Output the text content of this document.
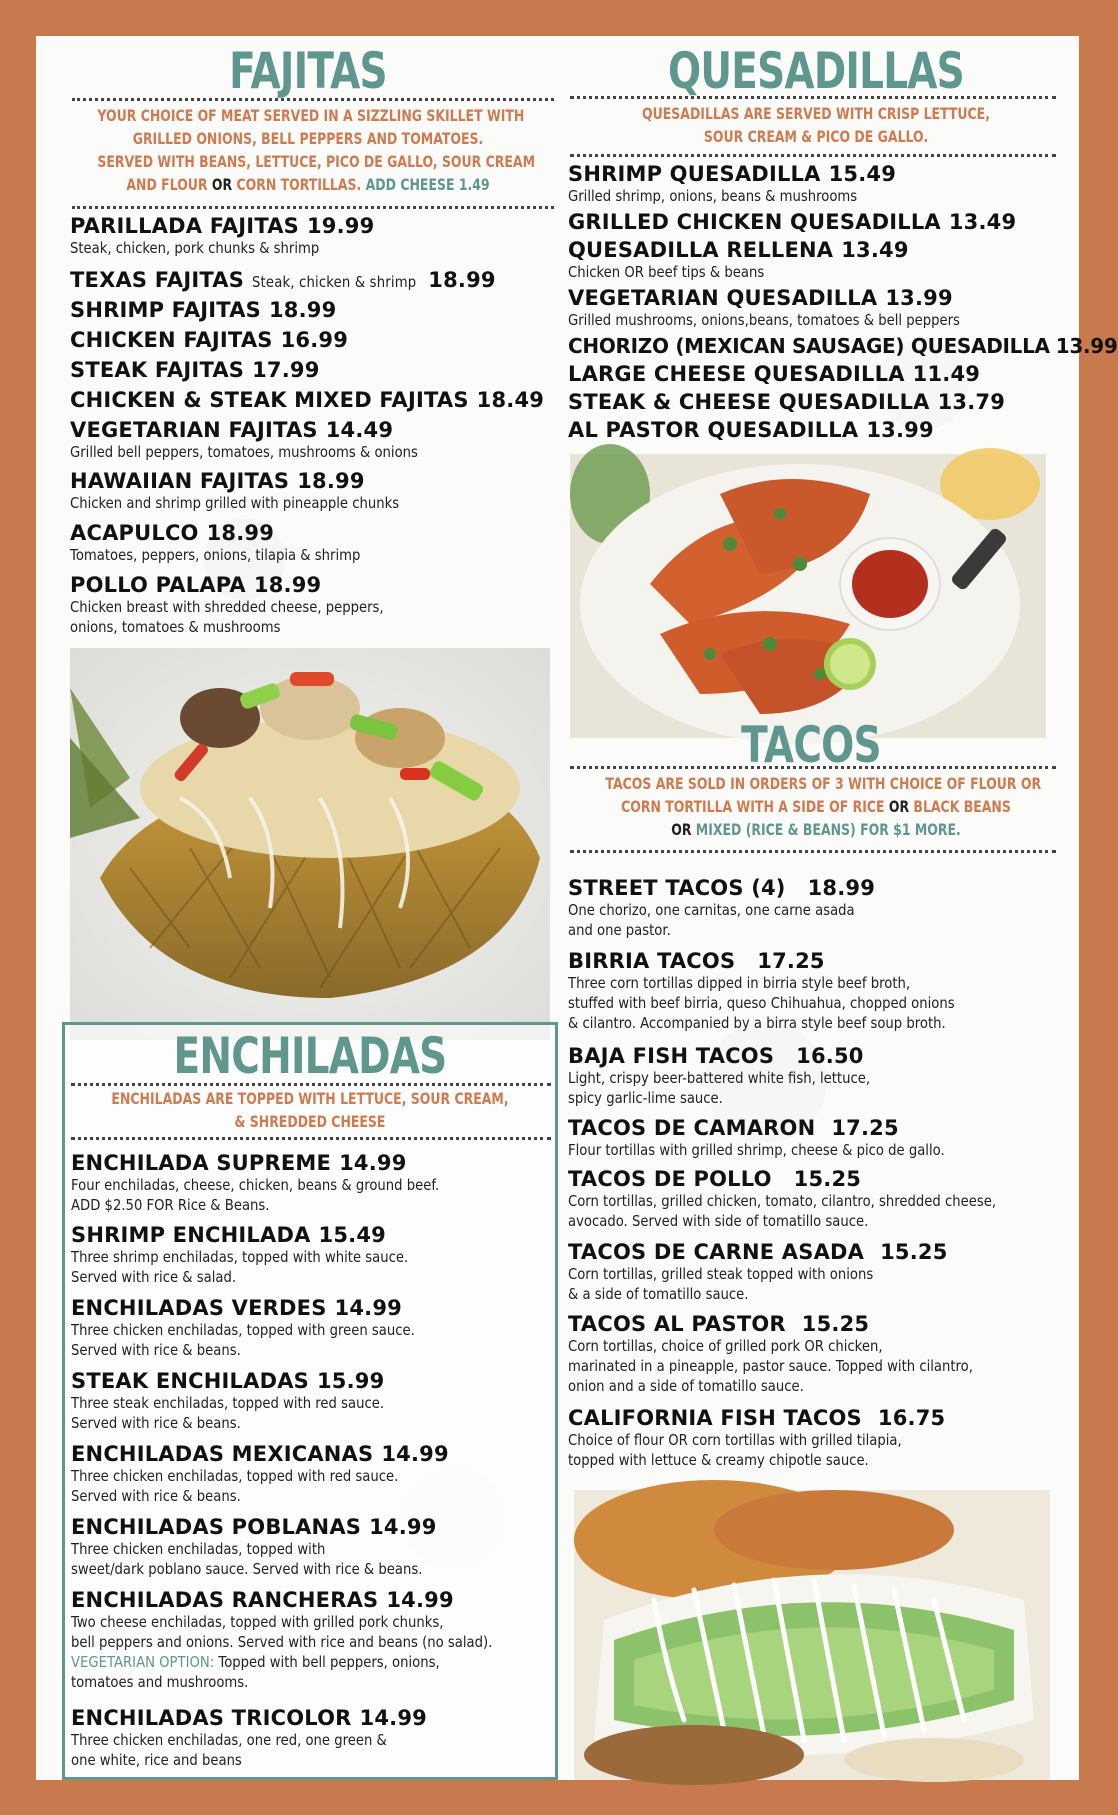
FAJITAS
YOUR CHOICE OF MEAT SERVED IN A SIZZLING SKILLET WITH
GRILLED ONIONS, BELL PEPPERS AND TOMATOES.
SERVED WITH BEANS, LETTUCE, PICO DE GALLO, SOUR CREAM
AND FLOUR OR CORN TORTILLAS. ADD CHEESE 1.49
PARILLADA FAJITAS 19.99
Steak, chicken, pork chunks & shrimp
TEXAS FAJITAS Steak, chicken & shrimp 18.99
SHRIMP FAJITAS 18.99
CHICKEN FAJITAS 16.99
STEAK FAJITAS 17.99
CHICKEN & STEAK MIXED FAJITAS 18.49
VEGETARIAN FAJITAS 14.49
Grilled bell peppers, tomatoes, mushrooms & onions
HAWAIIAN FAJITAS 18.99
Chicken and shrimp grilled with pineapple chunks
ACAPULCO 18.99
Tomatoes, peppers, onions, tilapia & shrimp
POLLO PALAPA 18.99
Chicken breast with shredded cheese, peppers,
onions, tomatoes & mushrooms
ENCHILADAS
ENCHILADAS ARE TOPPED WITH LETTUCE, SOUR CREAM,
& SHREDDED CHEESE
ENCHILADA SUPREME 14.99
Four enchiladas, cheese, chicken, beans & ground beef.
ADD $2.50 FOR Rice & Beans.
SHRIMP ENCHILADA 15.49
Three shrimp enchiladas, topped with white sauce.
Served with rice & salad.
ENCHILADAS VERDES 14.99
Three chicken enchiladas, topped with green sauce.
Served with rice & beans.
STEAK ENCHILADAS 15.99
Three steak enchiladas, topped with red sauce.
Served with rice & beans.
ENCHILADAS MEXICANAS 14.99
Three chicken enchiladas, topped with red sauce.
Served with rice & beans.
ENCHILADAS POBLANAS 14.99
Three chicken enchiladas, topped with
sweet/dark poblano sauce. Served with rice & beans.
ENCHILADAS RANCHERAS 14.99
Two cheese enchiladas, topped with grilled pork chunks,
bell peppers and onions. Served with rice and beans (no salad).
VEGETARIAN OPTION: Topped with bell peppers, onions,
tomatoes and mushrooms.
ENCHILADAS TRICOLOR 14.99
Three chicken enchiladas, one red, one green &
one white, rice and beans
QUESADILLAS
QUESADILLAS ARE SERVED WITH CRISP LETTUCE,
SOUR CREAM & PICO DE GALLO.
SHRIMP QUESADILLA 15.49
Grilled shrimp, onions, beans & mushrooms
GRILLED CHICKEN QUESADILLA 13.49
QUESADILLA RELLENA 13.49
Chicken OR beef tips & beans
VEGETARIAN QUESADILLA 13.99
Grilled mushrooms, onions,beans, tomatoes & bell peppers
CHORIZO (MEXICAN SAUSAGE) QUESADILLA 13.99
LARGE CHEESE QUESADILLA 11.49
STEAK & CHEESE QUESADILLA 13.79
AL PASTOR QUESADILLA 13.99
TACOS
TACOS ARE SOLD IN ORDERS OF 3 WITH CHOICE OF FLOUR OR
CORN TORTILLA WITH A SIDE OF RICE OR BLACK BEANS
OR MIXED (RICE & BEANS) FOR $1 MORE.
STREET TACOS (4) 18.99
One chorizo, one carnitas, one carne asada
and one pastor.
BIRRIA TACOS 17.25
Three corn tortillas dipped in birria style beef broth,
stuffed with beef birria, queso Chihuahua, chopped onions
& cilantro. Accompanied by a birra style beef soup broth.
BAJA FISH TACOS 16.50
Light, crispy beer-battered white fish, lettuce,
spicy garlic-lime sauce.
TACOS DE CAMARON 17.25
Flour tortillas with grilled shrimp, cheese & pico de gallo.
TACOS DE POLLO 15.25
Corn tortillas, grilled chicken, tomato, cilantro, shredded cheese,
avocado. Served with side of tomatillo sauce.
TACOS DE CARNE ASADA 15.25
Corn tortillas, grilled steak topped with onions
& a side of tomatillo sauce.
TACOS AL PASTOR 15.25
Corn tortillas, choice of grilled pork OR chicken,
marinated in a pineapple, pastor sauce. Topped with cilantro,
onion and a side of tomatillo sauce.
CALIFORNIA FISH TACOS 16.75
Choice of flour OR corn tortillas with grilled tilapia,
topped with lettuce & creamy chipotle sauce.
